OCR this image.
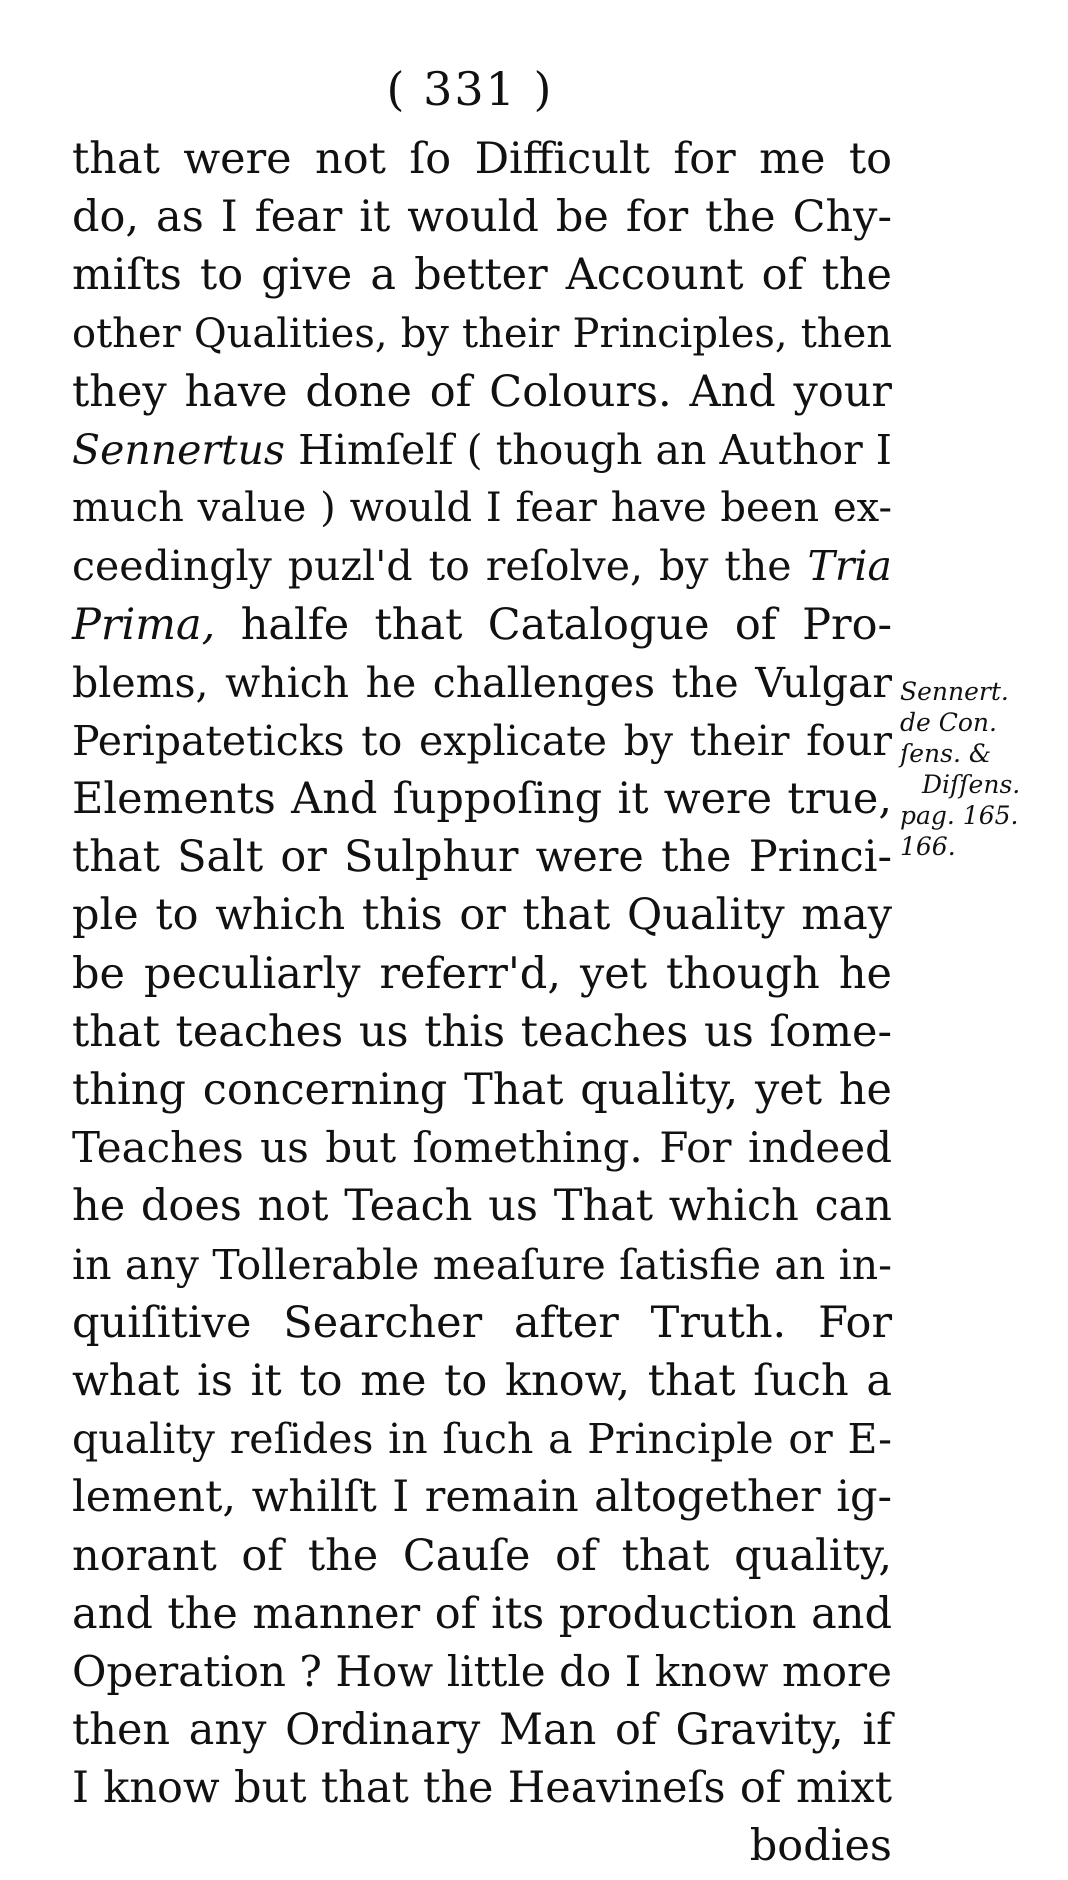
( 331 )
that were not ſo Difficult for me to
do, as I fear it would be for the Chy-
miſts to give a better Account of the
other Qualities, by their Principles, then
they have done of Colours. And your
Sennertus Himſelf ( though an Author I
much value ) would I fear have been ex-
ceedingly puzl'd to reſolve, by the Tria
Prima, halfe that Catalogue of Pro-
blems, which he challenges the Vulgar
Peripateticks to explicate by their four
Elements And ſuppoſing it were true,
that Salt or Sulphur were the Princi-
ple to which this or that Quality may
be peculiarly referr'd, yet though he
that teaches us this teaches us ſome-
thing concerning That quality, yet he
Teaches us but ſomething. For indeed
he does not Teach us That which can
in any Tollerable meaſure ſatisfie an in-
quiſitive Searcher after Truth. For
what is it to me to know, that ſuch a
quality reſides in ſuch a Principle or E-
lement, whilſt I remain altogether ig-
norant of the Cauſe of that quality,
and the manner of its production and
Operation ? How little do I know more
then any Ordinary Man of Gravity, if
I know but that the Heavineſs of mixt
bodies
Sennert.
de Con.
ſens. &
Diſſens.
pag. 165.
166.
